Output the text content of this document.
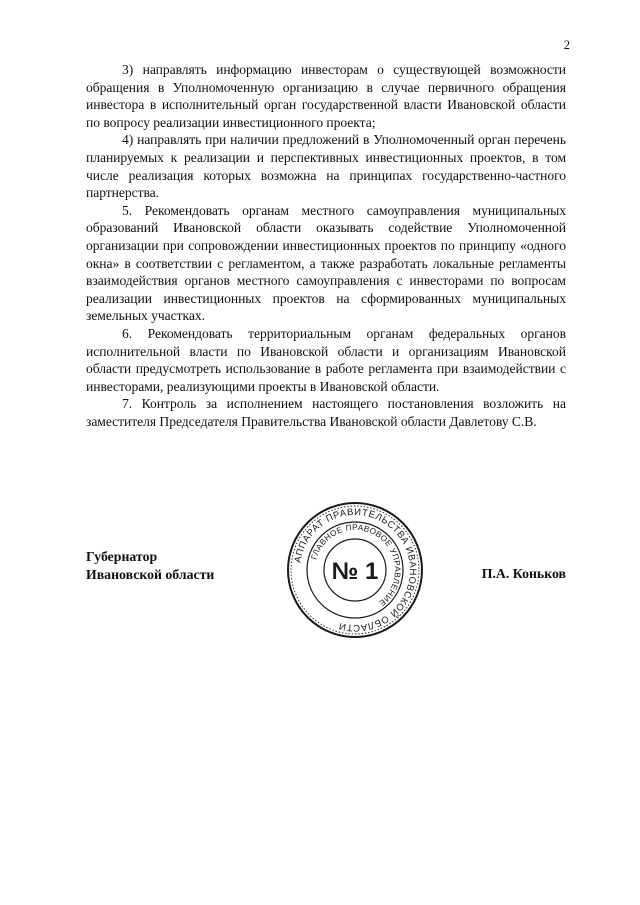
2

3) направлять информацию инвесторам о существующей возможности обращения в Уполномоченную организацию в случае первичного обращения инвестора в исполнительный орган государственной власти Ивановской области по вопросу реализации инвестиционного проекта;

4) направлять при наличии предложений в Уполномоченный орган перечень планируемых к реализации и перспективных инвестиционных проектов, в том числе реализация которых возможна на принципах государственно-частного партнерства.

5. Рекомендовать органам местного самоуправления муниципальных образований Ивановской области оказывать содействие Уполномоченной организации при сопровождении инвестиционных проектов по принципу «одного окна» в соответствии с регламентом, а также разработать локальные регламенты взаимодействия органов местного самоуправления с инвесторами по вопросам реализации инвестиционных проектов на сформированных муниципальных земельных участках.

6. Рекомендовать территориальным органам федеральных органов исполнительной власти по Ивановской области и организациям Ивановской области предусмотреть использование в работе регламента при взаимодействии с инвесторами, реализующими проекты в Ивановской области.

7. Контроль за исполнением настоящего постановления возложить на заместителя Председателя Правительства Ивановской области Давлетову С.В.

Губернатор
Ивановской области	П.А. Коньков
АППАРАТ ПРАВИТЕЛЬСТВА ИВАНОВСКОЙ ОБЛАСТИ
ГЛАВНОЕ ПРАВОВОЕ УПРАВЛЕНИЕ
№ 1
